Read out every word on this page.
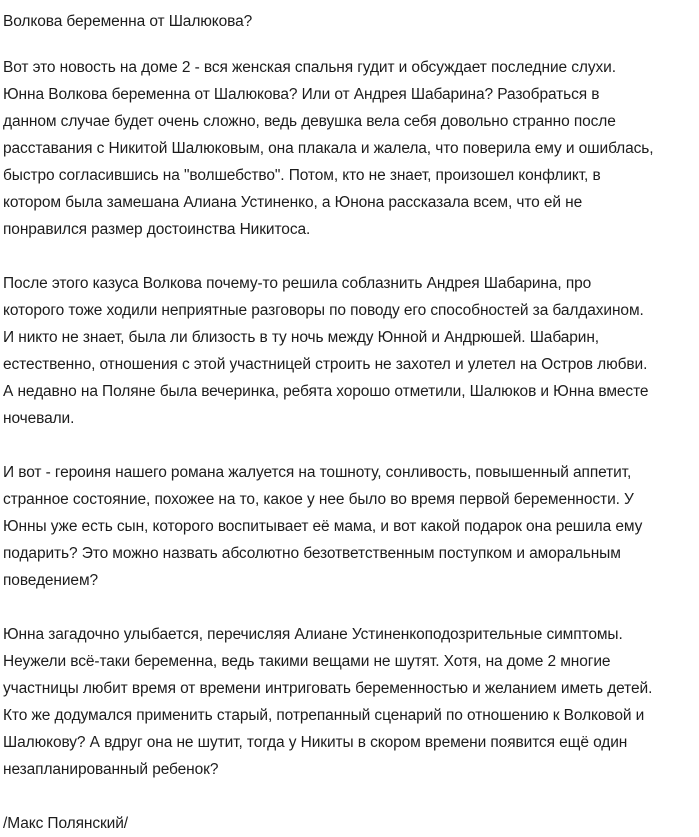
Волкова беременна от Шалюкова?

Вот это новость на доме 2 - вся женская спальня гудит и обсуждает последние слухи. Юнна Волкова беременна от Шалюкова? Или от Андрея Шабарина? Разобраться в данном случае будет очень сложно, ведь девушка вела себя довольно странно после расставания с Никитой Шалюковым, она плакала и жалела, что поверила ему и ошиблась, быстро согласившись на "волшебство". Потом, кто не знает, произошел конфликт, в котором была замешана Алиана Устиненко, а Юнона рассказала всем, что ей не понравился размер достоинства Никитоса.

После этого казуса Волкова почему-то решила соблазнить Андрея Шабарина, про которого тоже ходили неприятные разговоры по поводу его способностей за балдахином. И никто не знает, была ли близость в ту ночь между Юнной и Андрюшей. Шабарин, естественно, отношения с этой участницей строить не захотел и улетел на Остров любви. А недавно на Поляне была вечеринка, ребята хорошо отметили, Шалюков и Юнна вместе ночевали.

И вот - героиня нашего романа жалуется на тошноту, сонливость, повышенный аппетит, странное состояние, похожее на то, какое у нее было во время первой беременности. У Юнны уже есть сын, которого воспитывает её мама, и вот какой подарок она решила ему подарить? Это можно назвать абсолютно безответственным поступком и аморальным поведением?

Юнна загадочно улыбается, перечисляя Алиане Устиненкоподозрительные симптомы. Неужели всё-таки беременна, ведь такими вещами не шутят. Хотя, на доме 2 многие участницы любит время от времени интриговать беременностью и желанием иметь детей. Кто же додумался применить старый, потрепанный сценарий по отношению к Волковой и Шалюкову? А вдруг она не шутит, тогда у Никиты в скором времени появится ещё один незапланированный ребенок?

/Макс Полянский/
